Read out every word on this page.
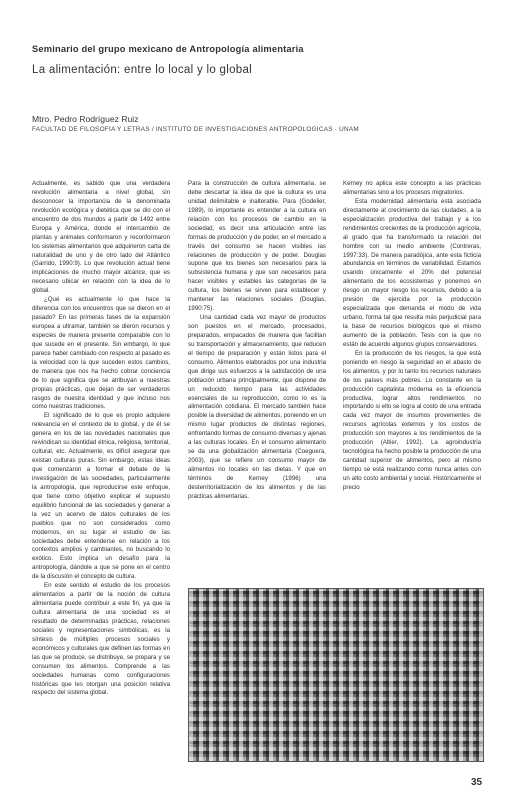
Seminario del grupo mexicano de Antropología alimentaria
La alimentación: entre lo local y lo global
Mtro. Pedro Rodríguez Ruiz
FACULTAD DE FILOSOFÍA Y LETRAS / INSTITUTO DE INVESTIGACIONES ANTROPOLÓGICAS · UNAM

Actualmente, es sabido que una verdadera revolución alimentaria a nivel global, sin desconocer la importancia de la denominada revolución ecológica y dietética que se dio con el encuentro de dos mundos a partir de 1492 entre Europa y América, donde el intercambio de plantas y animales conformaron y reconformaron los sistemas alimentarios que adquirieron carta de naturalidad de uno y de otro lado del Atlántico (Garrido, 1990:9). Lo que revolución actual tiene implicaciones de mucho mayor alcance, que es necesario ubicar en relación con la idea de lo global.

¿Qué es actualmente lo que hace la diferencia con los encuentros que se dieron en el pasado? En las primeras fases de la expansión europea a ultramar, también se dieron recursos y especies de manera presente comparable con lo que sucede en el presente. Sin embargo, lo que parece haber cambiado con respecto al pasado es la velocidad con la que suceden estos cambios, de manera que nos ha hecho cobrar conciencia de lo que significa que se atribuyan a nuestras propias prácticas, que dejan de ser verdaderos rasgos de nuestra identidad y que incluso nos como nuestras tradiciones.

El significado de lo que es propio adquiere relevancia en el contexto de lo global, y de él se genera en los de las novedades nacionales que reivindican su identidad étnica, religiosa, territorial, cultural, etc. Actualmente, es difícil asegurar que existan culturas puras. Sin embargo, estas ideas que comenzaron a formar el debate de la investigación de las sociedades, particularmente la antropología, que reproducirse este enfoque, que tiene como objetivo explicar el supuesto equilibrio funcional de las sociedades y generar a la vez un acervo de datos culturales de los pueblos que no son considerados como modernos, en su lugar el estudio de las sociedades debe entenderse en relación a los contextos amplios y cambiantes, no buscando lo exótico. Esto implica un desafío para la antropología, dándole a que se pone en el centro de la discusión el concepto de cultura.

En este sentido el estudio de los procesos alimentarios a partir de la noción de cultura alimentaria puede contribuir a este fin, ya que la cultura alimentaria de una sociedad es el resultado de determinadas prácticas, relaciones sociales y representaciones simbólicas, es la síntesis de múltiples procesos sociales y económicos y culturales que definen las formas en las que se produce, se distribuye, se prepara y se consumen los alimentos. Comprende a las sociedades humanas como configuraciones históricas que les otorgan una posición relativa respecto del sistema global.

Para la construcción de cultura alimentaria, se debe descartar la idea de que la cultura es una unidad delimitable e inalterable. Para (Godelier, 1989), lo importante es entender a la cultura en relación con los procesos de cambio en la sociedad, es decir una articulación entre las formas de producción y de poder, en el mercado a través del consumo se hacen visibles las relaciones de producción y de poder. Douglas supone que los bienes son necesarios para la subsistencia humana y que son necesarios para hacer visibles y estables las categorías de la cultura, los bienes se sirven para establecer y mantener las relaciones sociales (Douglas, 1990:75).

Una cantidad cada vez mayor de productos son puestos en el mercado, procesados, preparados, empacados de manera que facilitan su transportación y almacenamiento, que reducen el tiempo de preparación y están listos para el consumo. Alimentos elaborados por una industria que dirige sus esfuerzos a la satisfacción de una población urbana principalmente, que dispone de un reducido tiempo para las actividades esenciales de su reproducción, como lo es la alimentación cotidiana. El mercado también hace posible la diversidad de alimentos, poniendo en un mismo lugar productos de distintas regiones, enfrentando formas de consumo diversas y ajenas a las culturas locales. En el consumo alimentario se da una globalización alimentaria (Coeguera, 2003), que se refiere un consumo mayor de alimentos no locales en las dietas. Y que en términos de Kerney (1996) una desterritorialización de los alimentos y de las prácticas alimentarias.

Kerney no aplica este concepto a las prácticas alimentarias sino a los procesos migratorios.

Esta modernidad alimentaria está asociada directamente al crecimiento de las ciudades, a la especialización productiva del trabajo y a los rendimientos crecientes de la producción agrícola, al grado que ha transformado la relación del hombre con su medio ambiente (Contreras, 1997:33). De manera paradójica, ante esta ficticia abundancia en términos de variabilidad. Estamos usando únicamente el 20% del potencial alimentario de los ecosistemas y ponemos en riesgo un mayor riesgo los recursos, debido a la presión de ejercida por la producción especializada que demanda el modo de vida urbano, forma tal que resulta más perjudicial para la base de recursos biológicos que el mismo aumento de la población. Tesis con la que no están de acuerdo algunos grupos conservadores.

En la producción de los riesgos, la que está poniendo en riesgo la seguridad en el abasto de los alimentos, y por lo tanto los recursos naturales de los países más pobres. Lo constante en la producción capitalista moderna es la eficiencia productiva, lograr altos rendimientos no importando si ello se logra al costo de una entrada cada vez mayor de insumos provenientes de recursos agrícolas externos y los costos de producción son mayores a los rendimientos de la producción (Altier, 1992). La agroindustria tecnológica ha hecho posible la producción de una cantidad superior de alimentos, pero al mismo tiempo se está realizando como nunca antes con un alto costo ambiental y social. Históricamente el precio

35
